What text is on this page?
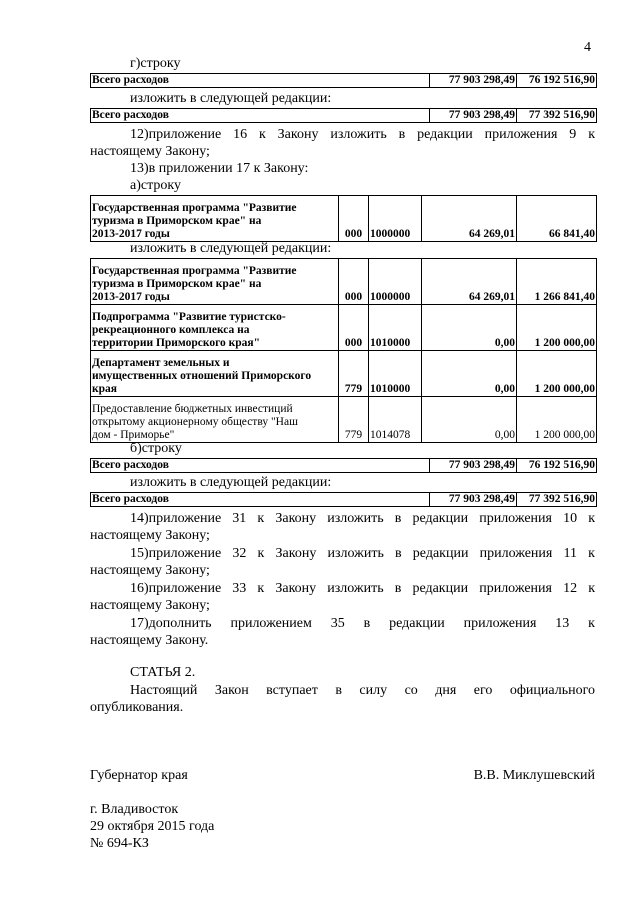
4
г)строку
Всего расходов	77 903 298,49	76 192 516,90
изложить в следующей редакции:
Всего расходов	77 903 298,49	77 392 516,90
12)приложение 16 к Закону изложить в редакции приложения 9 к
настоящему Закону;
13)в приложении 17 к Закону:
а)строку
Государственная программа "Развитие
туризма в Приморском крае" на
2013-2017 годы	000	1000000	64 269,01	66 841,40
изложить в следующей редакции:
Государственная программа "Развитие
туризма в Приморском крае" на
2013-2017 годы	000	1000000	64 269,01	1 266 841,40

Подпрограмма "Развитие туристско-
рекреационного комплекса на
территории Приморского края"	000	1010000	0,00	1 200 000,00

Департамент земельных и
имущественных отношений Приморского
края	779	1010000	0,00	1 200 000,00

Предоставление бюджетных инвестиций
открытому акционерному обществу "Наш
дом - Приморье"	779	1014078	0,00	1 200 000,00
б)строку
Всего расходов	77 903 298,49	76 192 516,90
изложить в следующей редакции:
Всего расходов	77 903 298,49	77 392 516,90
14)приложение 31 к Закону изложить в редакции приложения 10 к
настоящему Закону;
15)приложение 32 к Закону изложить в редакции приложения 11 к
настоящему Закону;
16)приложение 33 к Закону изложить в редакции приложения 12 к
настоящему Закону;
17)дополнить приложением 35 в редакции приложения 13 к
настоящему Закону.
СТАТЬЯ 2.
Настоящий Закон вступает в силу со дня его официального
опубликования.
Губернатор края	В.В. Миклушевский
г. Владивосток
29 октября 2015 года
№ 694-КЗ
